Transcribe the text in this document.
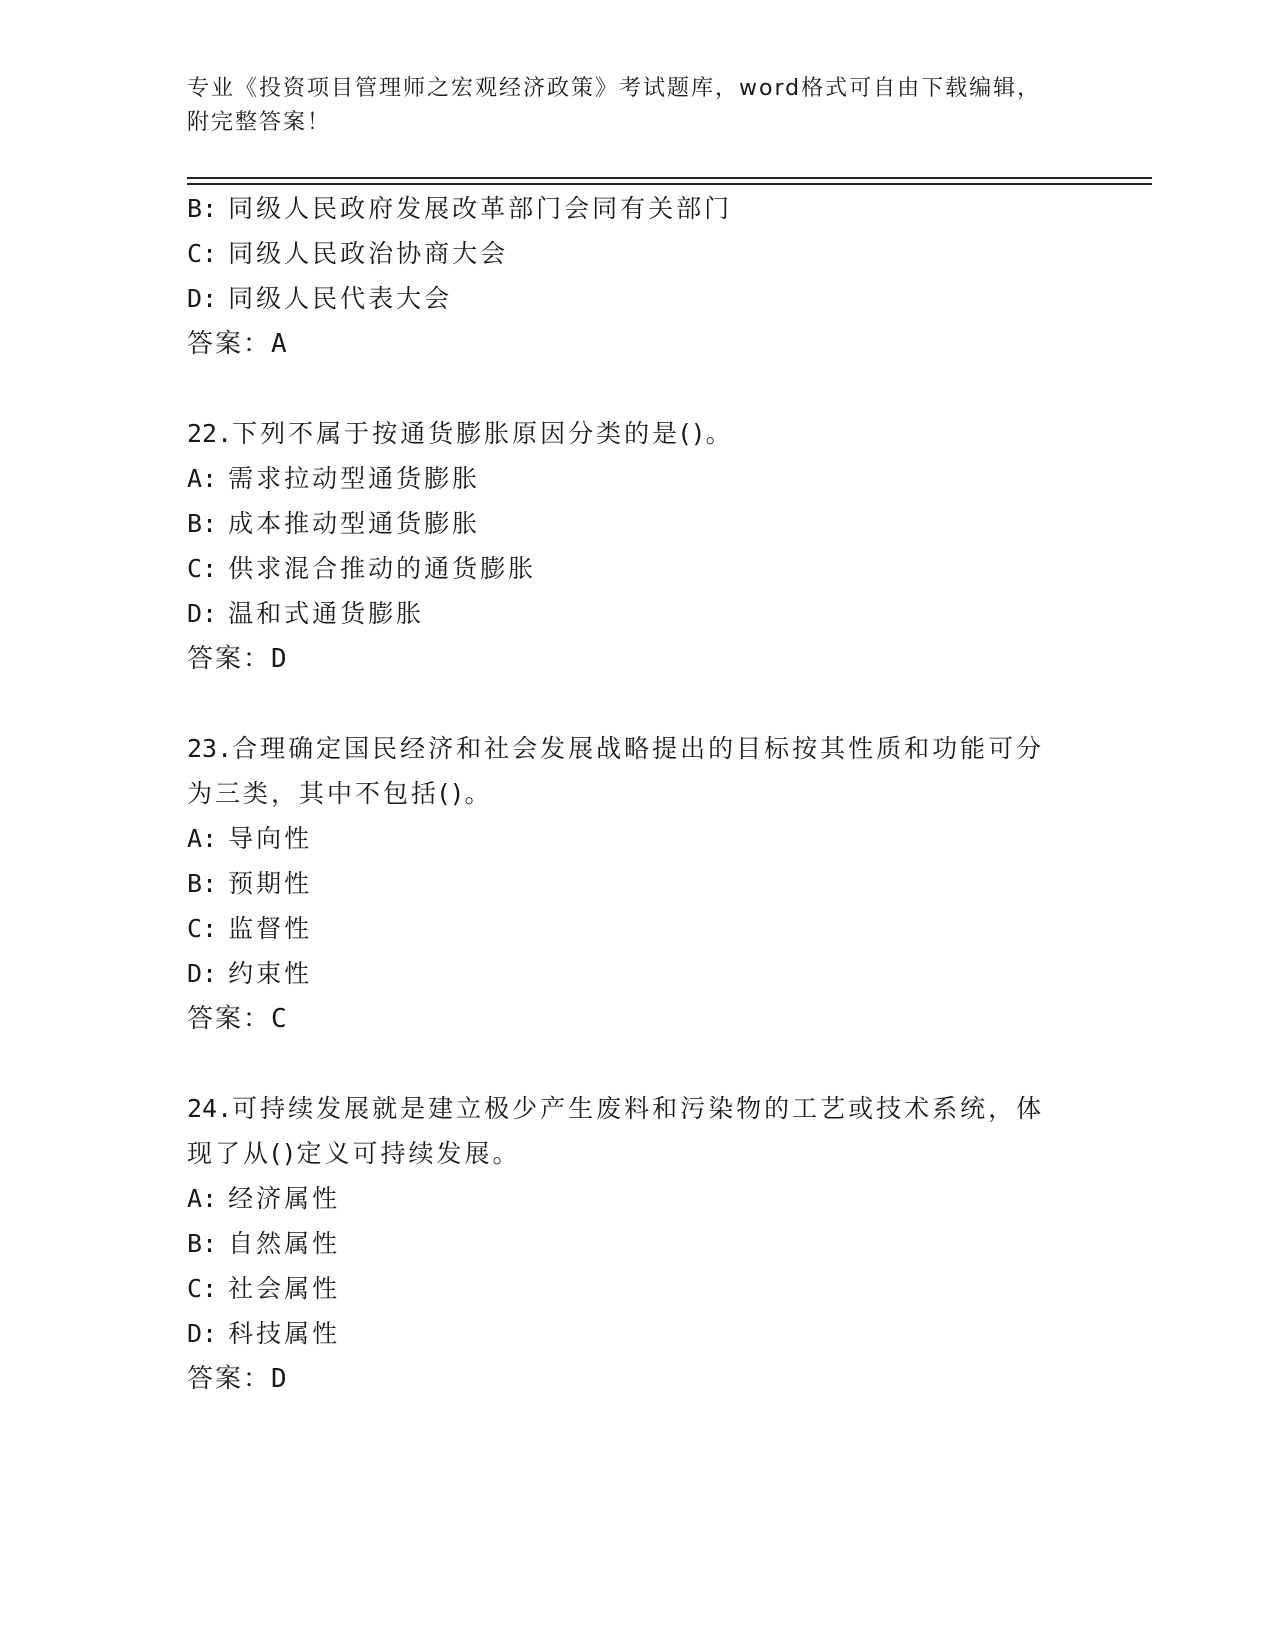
专业《投资项目管理师之宏观经济政策》考试题库，word格式可自由下载编辑，
附完整答案！
B: 同级人民政府发展改革部门会同有关部门
C: 同级人民政治协商大会
D: 同级人民代表大会
答案：A
22.下列不属于按通货膨胀原因分类的是()。
A: 需求拉动型通货膨胀
B: 成本推动型通货膨胀
C: 供求混合推动的通货膨胀
D: 温和式通货膨胀
答案：D
23.合理确定国民经济和社会发展战略提出的目标按其性质和功能可分
为三类，其中不包括()。
A: 导向性
B: 预期性
C: 监督性
D: 约束性
答案：C
24.可持续发展就是建立极少产生废料和污染物的工艺或技术系统，体
现了从()定义可持续发展。
A: 经济属性
B: 自然属性
C: 社会属性
D: 科技属性
答案：D
